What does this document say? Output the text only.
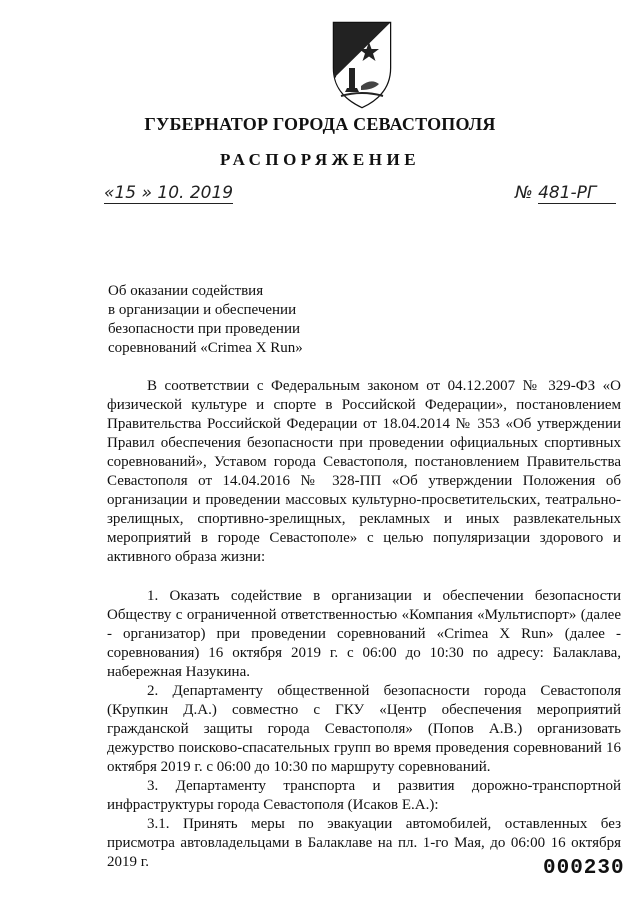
ГУБЕРНАТОР ГОРОДА СЕВАСТОПОЛЯ
РАСПОРЯЖЕНИЕ
«15 » 10. 2019	№ 481-РГ
Об оказании содействия
в организации и обеспечении
безопасности при проведении
соревнований «Crimea X Run»
В соответствии с Федеральным законом от 04.12.2007 № 329-ФЗ «О физической культуре и спорте в Российской Федерации», постановлением Правительства Российской Федерации от 18.04.2014 № 353 «Об утверждении Правил обеспечения безопасности при проведении официальных спортивных соревнований», Уставом города Севастополя, постановлением Правительства Севастополя от 14.04.2016 № 328-ПП «Об утверждении Положения об организации и проведении массовых культурно-просветительских, театрально-зрелищных, спортивно-зрелищных, рекламных и иных развлекательных мероприятий в городе Севастополе» с целью популяризации здорового и активного образа жизни:
1. Оказать содействие в организации и обеспечении безопасности Обществу с ограниченной ответственностью «Компания «Мультиспорт» (далее - организатор) при проведении соревнований «Crimea X Run» (далее - соревнования) 16 октября 2019 г. с 06:00 до 10:30 по адресу: Балаклава, набережная Назукина.
2. Департаменту общественной безопасности города Севастополя (Крупкин Д.А.) совместно с ГКУ «Центр обеспечения мероприятий гражданской защиты города Севастополя» (Попов А.В.) организовать дежурство поисково-спасательных групп во время проведения соревнований 16 октября 2019 г. с 06:00 до 10:30 по маршруту соревнований.
3. Департаменту транспорта и развития дорожно-транспортной инфраструктуры города Севастополя (Исаков Е.А.):
3.1. Принять меры по эвакуации автомобилей, оставленных без присмотра автовладельцами в Балаклаве на пл. 1-го Мая, до 06:00 16 октября 2019 г.	000230
